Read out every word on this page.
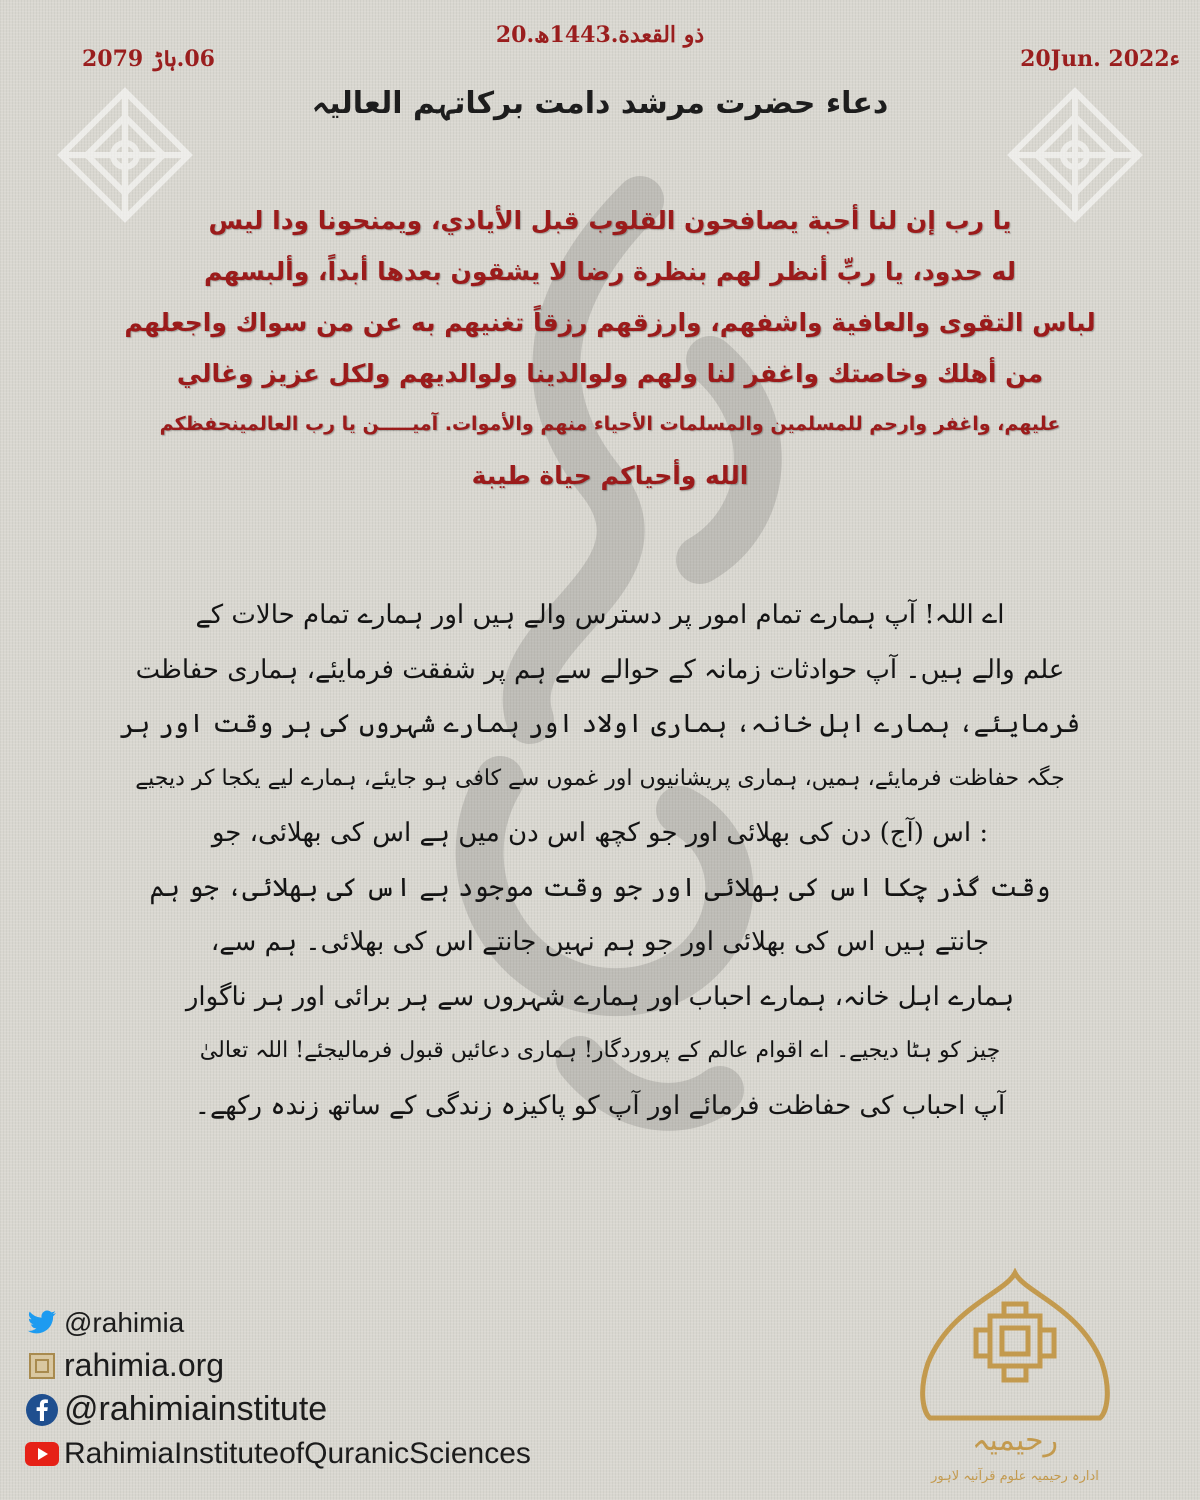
20.ذو القعدة.1443ھ
20Jun. 2022ء
06.ہاڑ 2079
دعاء حضرت مرشد دامت برکاتہم العالیہ
يا رب إن لنا أحبة يصافحون القلوب قبل الأيادي، ويمنحونا ودا ليس
له حدود، يا ربِّ أنظر لهم بنظرة رضا لا يشقون بعدها أبداً، وألبسهم
لباس التقوى والعافية واشفهم، وارزقهم رزقاً تغنيهم به عن من سواك واجعلهم
من أهلك وخاصتك واغفر لنا ولهم ولوالدينا ولوالديهم ولكل عزيز وغالي
عليهم، واغفر وارحم للمسلمين والمسلمات الأحياء منهم والأموات. آميـــــن يا رب العالمينحفظكم
الله وأحياكم حياة طيبة
اے اللہ! آپ ہمارے تمام امور پر دسترس والے ہیں اور ہمارے تمام حالات کے
علم والے ہیں۔ آپ حوادثات زمانہ کے حوالے سے ہم پر شفقت فرمایئے، ہماری حفاظت
فرمایئے، ہمارے اہل خانہ، ہماری اولاد اور ہمارے شہروں کی ہر وقت اور ہر
جگہ حفاظت فرمایئے، ہمیں، ہماری پریشانیوں اور غموں سے کافی ہو جایئے، ہمارے لیے یکجا کر دیجیے
: اس (آج) دن کی بھلائی اور جو کچھ اس دن میں ہے اس کی بھلائی، جو
وقت گذر چکا اس کی بھلائی اور جو وقت موجود ہے اس کی بھلائی، جو ہم
جانتے ہیں اس کی بھلائی اور جو ہم نہیں جانتے اس کی بھلائی۔ ہم سے،
ہمارے اہل خانہ، ہمارے احباب اور ہمارے شہروں سے ہر برائی اور ہر ناگوار
چیز کو ہٹا دیجیے۔ اے اقوام عالم کے پروردگار! ہماری دعائیں قبول فرمالیجئے! اللہ تعالیٰ
آپ احباب کی حفاظت فرمائے اور آپ کو پاکیزہ زندگی کے ساتھ زندہ رکھے۔
@rahimia
rahimia.org
@rahimiainstitute
RahimiaInstituteofQuranicSciences	رحیمیہ
ادارہ رحیمیہ علوم قرآنیہ لاہور
